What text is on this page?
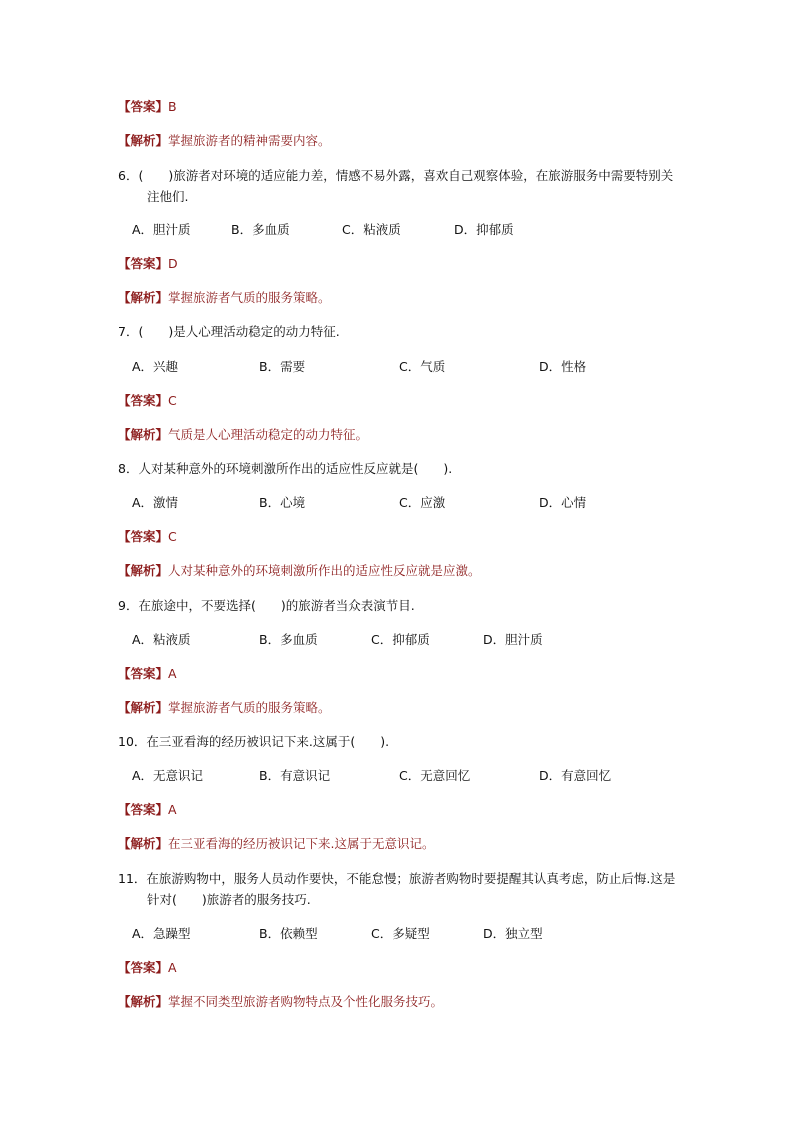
【答案】B
【解析】掌握旅游者的精神需要内容。
6．(　　)旅游者对环境的适应能力差，情感不易外露，喜欢自己观察体验，在旅游服务中需要特别关
注他们.
A．胆汁质	B．多血质	C．粘液质	D．抑郁质
【答案】D
【解析】掌握旅游者气质的服务策略。
7．(　　)是人心理活动稳定的动力特征.
A．兴趣	B．需要	C．气质	D．性格
【答案】C
【解析】气质是人心理活动稳定的动力特征。
8．人对某种意外的环境刺激所作出的适应性反应就是(　　).
A．激情	B．心境	C．应激	D．心情
【答案】C
【解析】人对某种意外的环境刺激所作出的适应性反应就是应激。
9．在旅途中，不要选择(　　)的旅游者当众表演节目.
A．粘液质	B．多血质	C．抑郁质	D．胆汁质
【答案】A
【解析】掌握旅游者气质的服务策略。
10．在三亚看海的经历被识记下来.这属于(　　).
A．无意识记	B．有意识记	C．无意回忆	D．有意回忆
【答案】A
【解析】在三亚看海的经历被识记下来.这属于无意识记。
11．在旅游购物中，服务人员动作要快，不能怠慢；旅游者购物时要提醒其认真考虑，防止后悔.这是
针对(　　)旅游者的服务技巧.
A．急躁型	B．依赖型	C．多疑型	D．独立型
【答案】A
【解析】掌握不同类型旅游者购物特点及个性化服务技巧。
